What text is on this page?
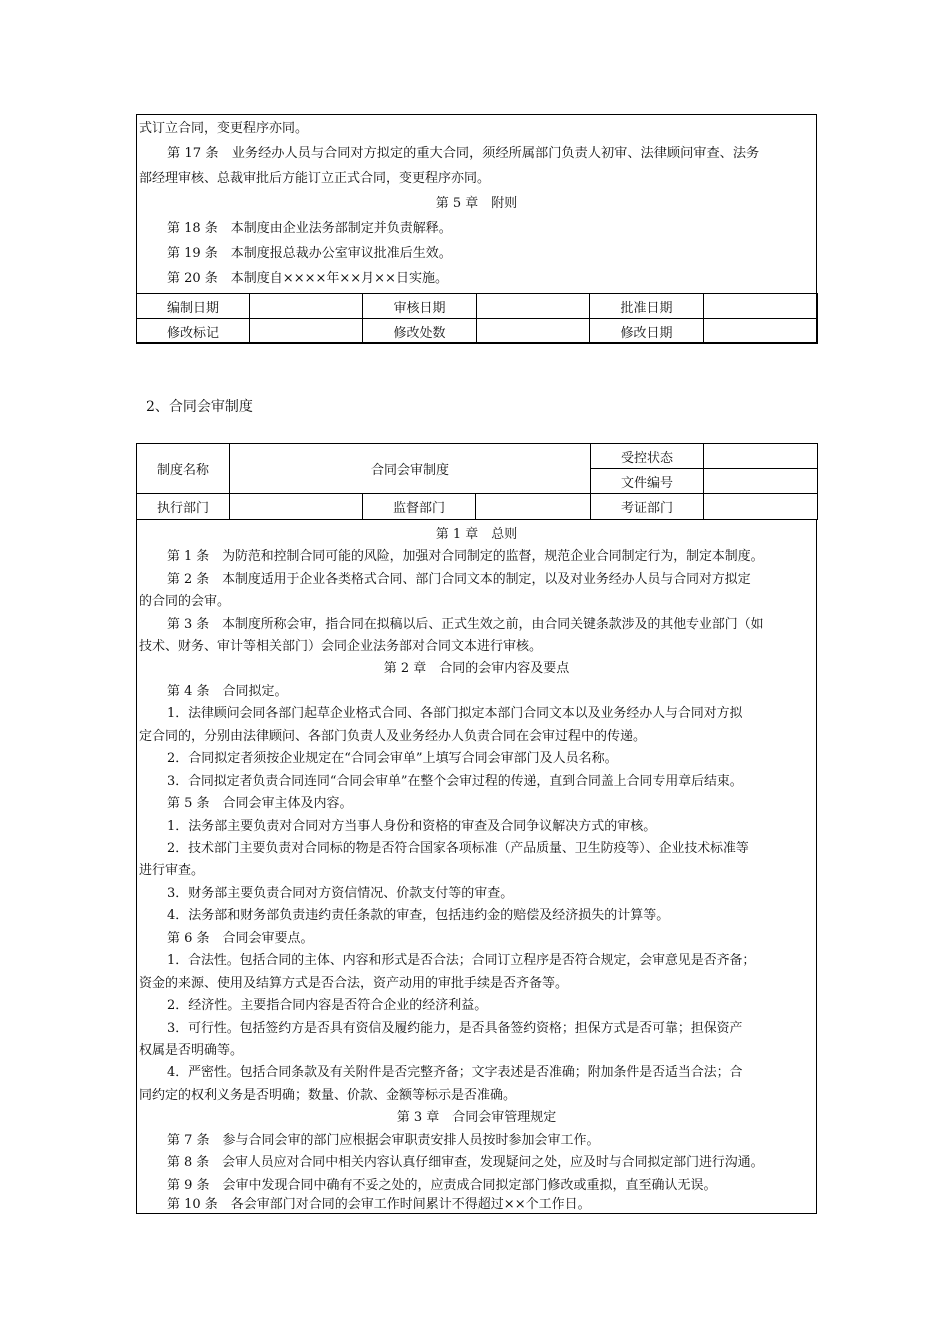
式订立合同，变更程序亦同。
第 17 条　业务经办人员与合同对方拟定的重大合同，须经所属部门负责人初审、法律顾问审查、法务
部经理审核、总裁审批后方能订立正式合同，变更程序亦同。
第 5 章　附则
第 18 条　本制度由企业法务部制定并负责解释。
第 19 条　本制度报总裁办公室审议批准后生效。
第 20 条　本制度自××××年××月××日实施。
编制日期		审核日期		批准日期	
修改标记		修改处数		修改日期	
2、合同会审制度
制度名称	合同会审制度			受控状态	
				文件编号	
执行部门		监督部门		考证部门	
第 1 章　总则
第 1 条　为防范和控制合同可能的风险，加强对合同制定的监督，规范企业合同制定行为，制定本制度。
第 2 条　本制度适用于企业各类格式合同、部门合同文本的制定，以及对业务经办人员与合同对方拟定
的合同的会审。
第 3 条　本制度所称会审，指合同在拟稿以后、正式生效之前，由合同关键条款涉及的其他专业部门（如
技术、财务、审计等相关部门）会同企业法务部对合同文本进行审核。
第 2 章　合同的会审内容及要点
第 4 条　合同拟定。
1．法律顾问会同各部门起草企业格式合同、各部门拟定本部门合同文本以及业务经办人与合同对方拟
定合同的，分别由法律顾问、各部门负责人及业务经办人负责合同在会审过程中的传递。
2．合同拟定者须按企业规定在“合同会审单”上填写合同会审部门及人员名称。
3．合同拟定者负责合同连同“合同会审单”在整个会审过程的传递，直到合同盖上合同专用章后结束。
第 5 条　合同会审主体及内容。
1．法务部主要负责对合同对方当事人身份和资格的审查及合同争议解决方式的审核。
2．技术部门主要负责对合同标的物是否符合国家各项标准（产品质量、卫生防疫等）、企业技术标准等
进行审查。
3．财务部主要负责合同对方资信情况、价款支付等的审查。
4．法务部和财务部负责违约责任条款的审查，包括违约金的赔偿及经济损失的计算等。
第 6 条　合同会审要点。
1．合法性。包括合同的主体、内容和形式是否合法；合同订立程序是否符合规定，会审意见是否齐备；
资金的来源、使用及结算方式是否合法，资产动用的审批手续是否齐备等。
2．经济性。主要指合同内容是否符合企业的经济利益。
3．可行性。包括签约方是否具有资信及履约能力，是否具备签约资格；担保方式是否可靠；担保资产
权属是否明确等。
4．严密性。包括合同条款及有关附件是否完整齐备；文字表述是否准确；附加条件是否适当合法；合
同约定的权利义务是否明确；数量、价款、金额等标示是否准确。
第 3 章　合同会审管理规定
第 7 条　参与合同会审的部门应根据会审职责安排人员按时参加会审工作。
第 8 条　会审人员应对合同中相关内容认真仔细审查，发现疑问之处，应及时与合同拟定部门进行沟通。
第 9 条　会审中发现合同中确有不妥之处的，应责成合同拟定部门修改或重拟，直至确认无误。
第 10 条　各会审部门对合同的会审工作时间累计不得超过××个工作日。
